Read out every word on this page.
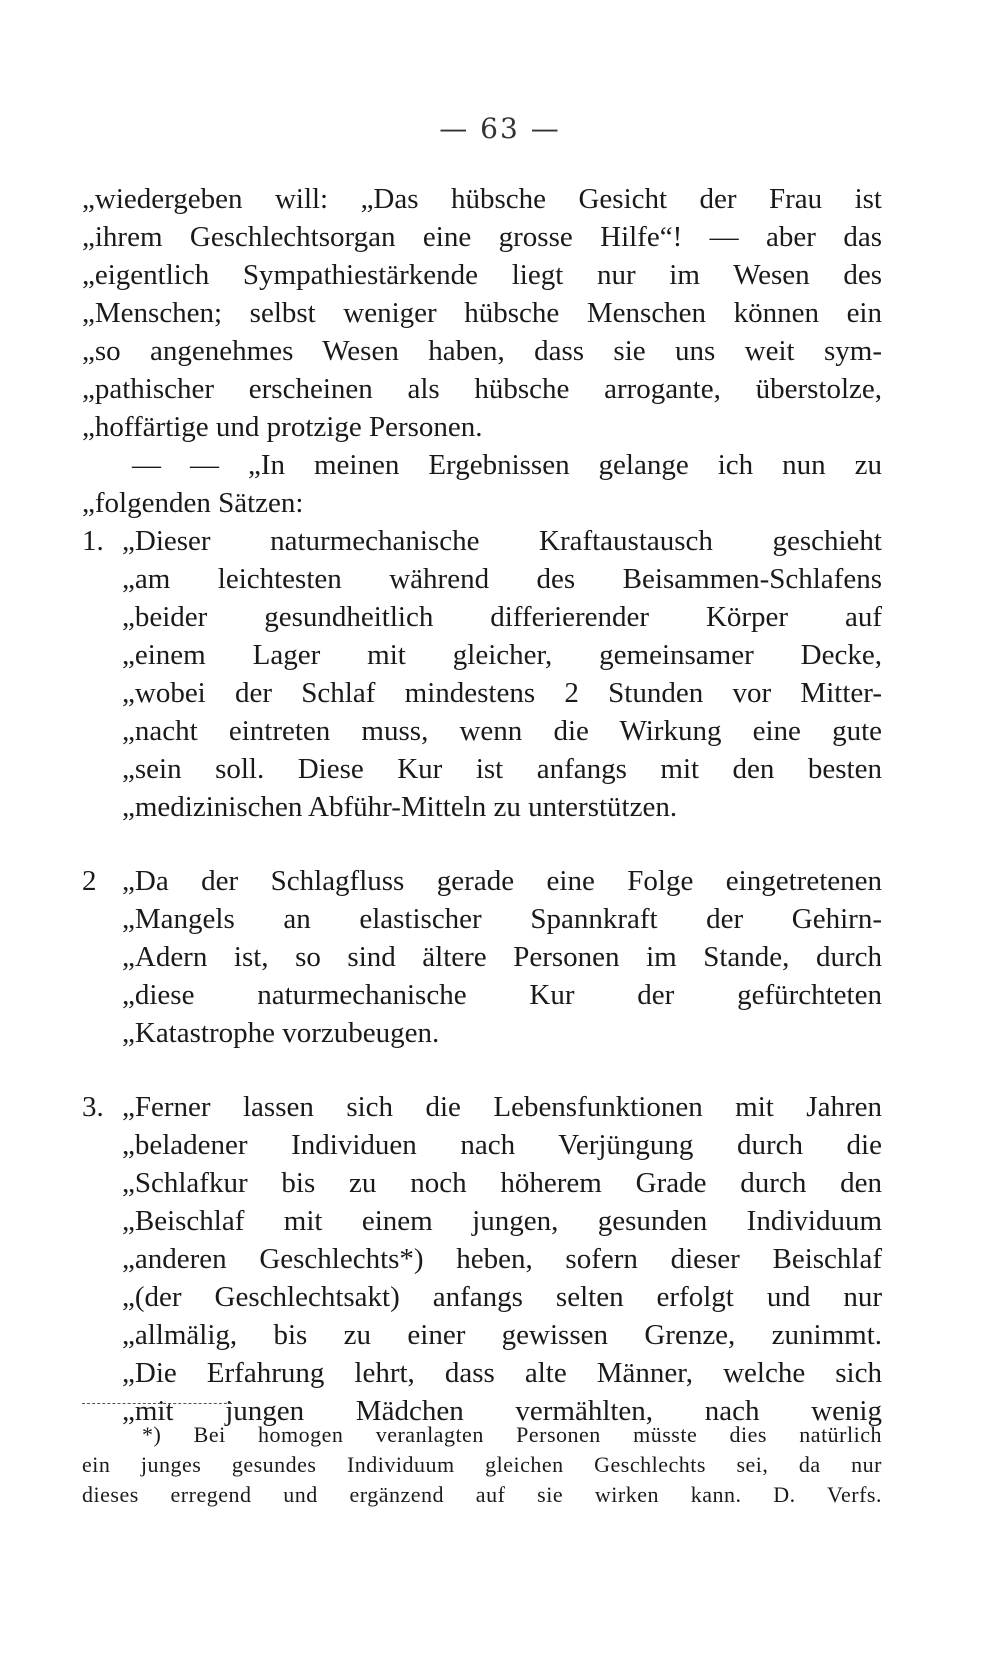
— 63 —
„wiedergeben will: „Das hübsche Gesicht der Frau ist
„ihrem Geschlechtsorgan eine grosse Hilfe“! — aber das
„eigentlich Sympathiestärkende liegt nur im Wesen des
„Menschen; selbst weniger hübsche Menschen können ein
„so angenehmes Wesen haben, dass sie uns weit sym-
„pathischer erscheinen als hübsche arrogante, überstolze,
„hoffärtige und protzige Personen.
— — „In meinen Ergebnissen gelange ich nun zu
„folgenden Sätzen:
1. „Dieser naturmechanische Kraftaustausch geschieht
„am leichtesten während des Beisammen-Schlafens
„beider gesundheitlich differierender Körper auf
„einem Lager mit gleicher, gemeinsamer Decke,
„wobei der Schlaf mindestens 2 Stunden vor Mitter-
„nacht eintreten muss, wenn die Wirkung eine gute
„sein soll. Diese Kur ist anfangs mit den besten
„medizinischen Abführ-Mitteln zu unterstützen.
2 „Da der Schlagfluss gerade eine Folge eingetretenen
„Mangels an elastischer Spannkraft der Gehirn-
„Adern ist, so sind ältere Personen im Stande, durch
„diese naturmechanische Kur der gefürchteten
„Katastrophe vorzubeugen.
3. „Ferner lassen sich die Lebensfunktionen mit Jahren
„beladener Individuen nach Verjüngung durch die
„Schlafkur bis zu noch höherem Grade durch den
„Beischlaf mit einem jungen, gesunden Individuum
„anderen Geschlechts*) heben, sofern dieser Beischlaf
„(der Geschlechtsakt) anfangs selten erfolgt und nur
„allmälig, bis zu einer gewissen Grenze, zunimmt.
„Die Erfahrung lehrt, dass alte Männer, welche sich
„mit jungen Mädchen vermählten, nach wenig
*) Bei homogen veranlagten Personen müsste dies natürlich
ein junges gesundes Individuum gleichen Geschlechts sei, da nur
dieses erregend und ergänzend auf sie wirken kann. D. Verfs.
